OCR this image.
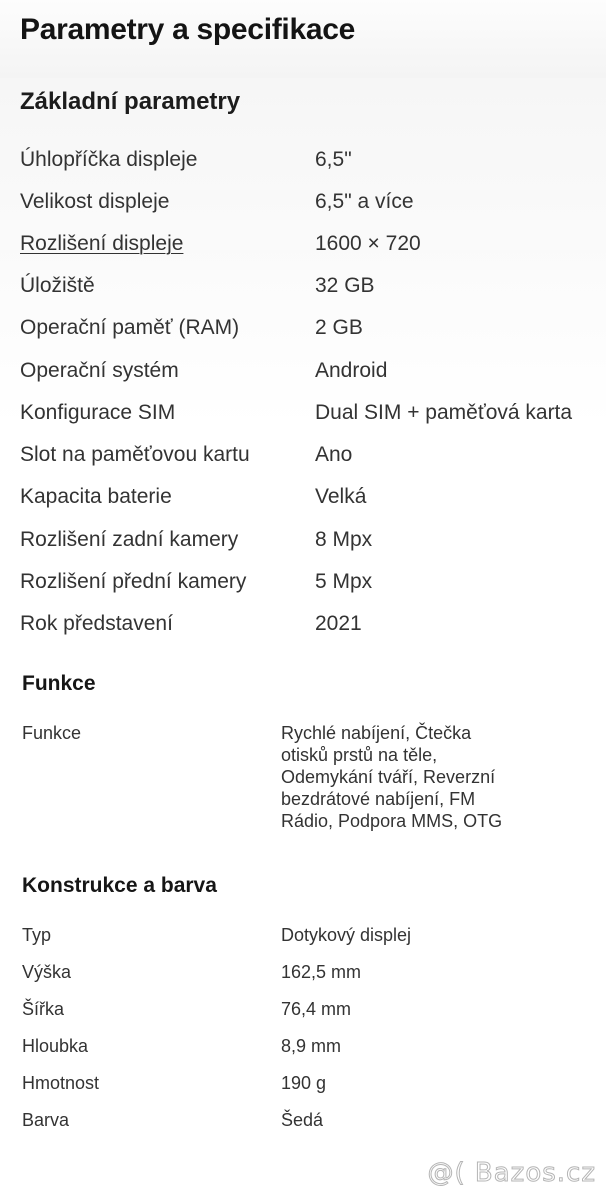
Parametry a specifikace
Základní parametry
Úhlopříčka displeje	6,5"
Velikost displeje	6,5" a více
Rozlišení displeje	1600 × 720
Úložiště	32 GB
Operační paměť (RAM)	2 GB
Operační systém	Android
Konfigurace SIM	Dual SIM + paměťová karta
Slot na paměťovou kartu	Ano
Kapacita baterie	Velká
Rozlišení zadní kamery	8 Mpx
Rozlišení přední kamery	5 Mpx
Rok představení	2021
Funkce
Funkce	Rychlé nabíjení, Čtečka
otisků prstů na těle,
Odemykání tváří, Reverzní
bezdrátové nabíjení, FM
Rádio, Podpora MMS, OTG
Konstrukce a barva
Typ	Dotykový displej
Výška	162,5 mm
Šířka	76,4 mm
Hloubka	8,9 mm
Hmotnost	190 g
Barva	Šedá
@( Bazos.cz
